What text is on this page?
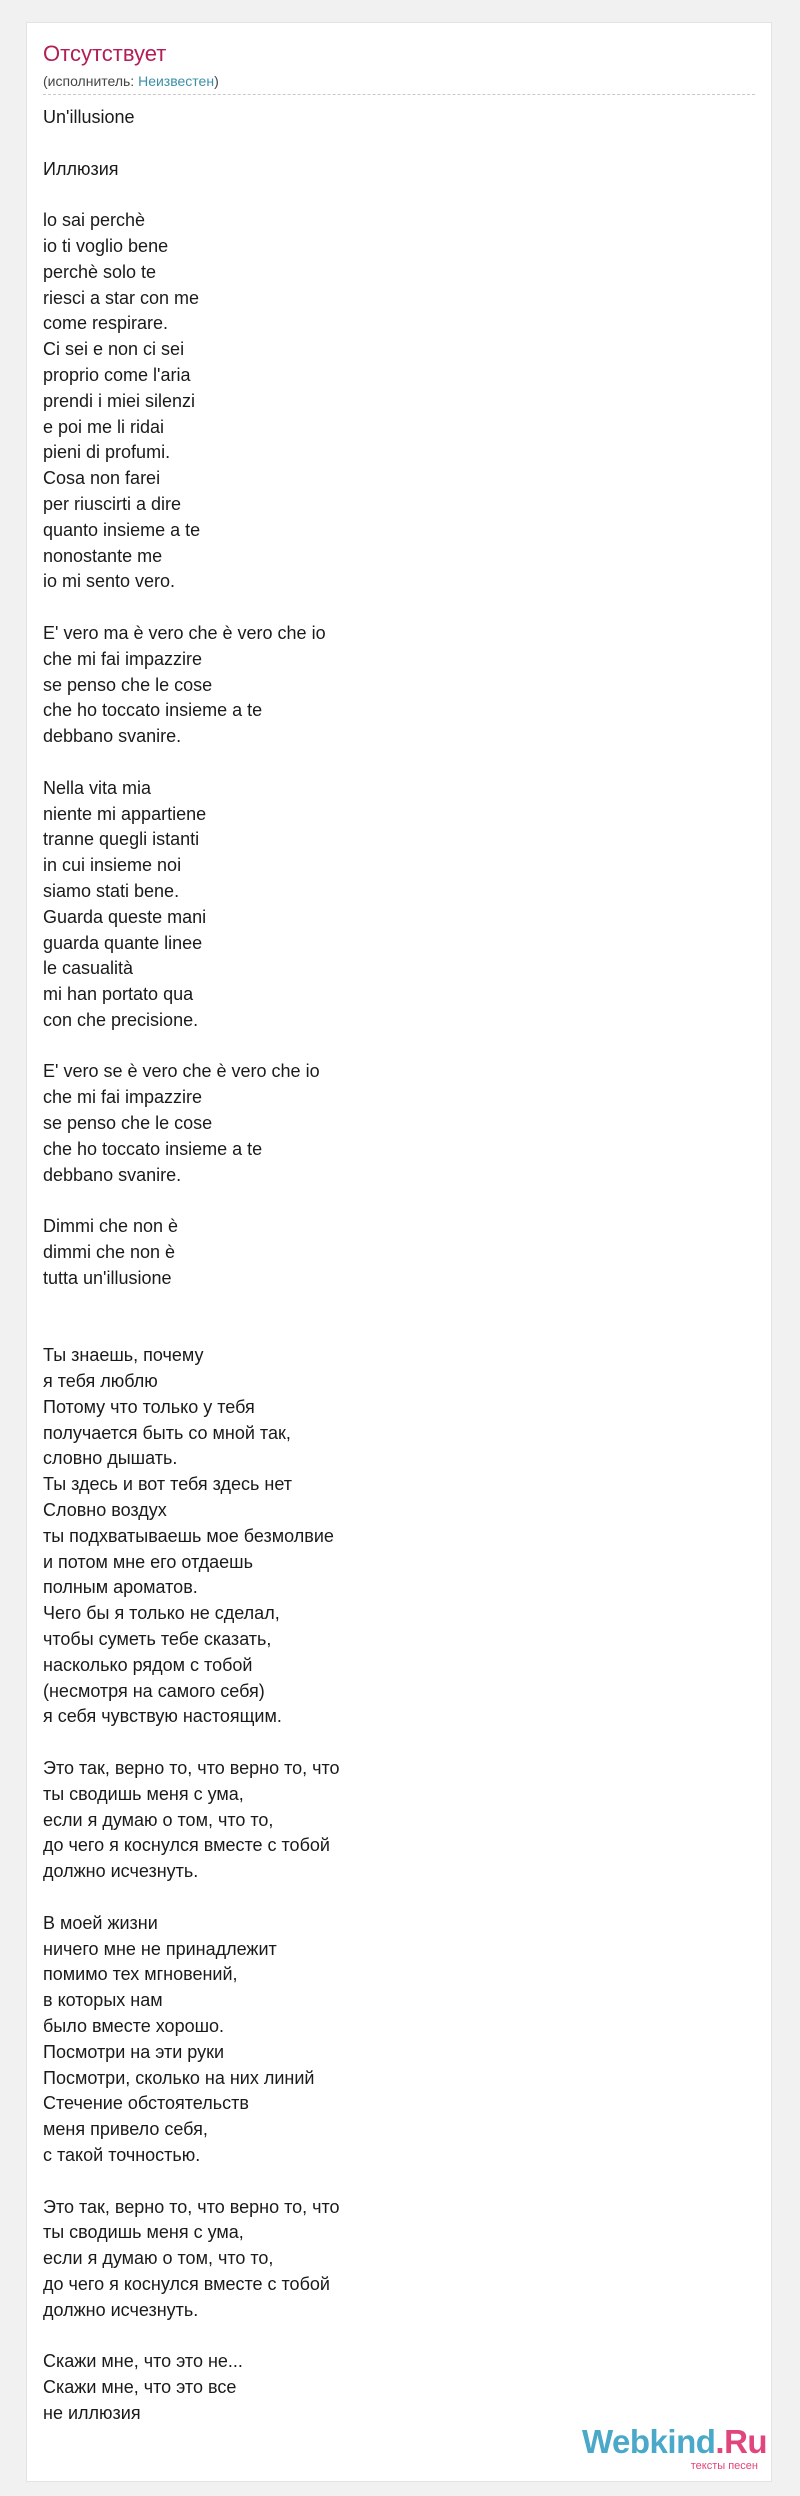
Отсутствует
(исполнитель: Неизвестен)
Un'illusione
Иллюзия
lo sai perchè
io ti voglio bene
perchè solo te
riesci a star con me
come respirare.
Ci sei e non ci sei
proprio come l'aria
prendi i miei silenzi
e poi me li ridai
pieni di profumi.
Cosa non farei
per riuscirti a dire
quanto insieme a te
nonostante me
io mi sento vero.
E' vero ma è vero che è vero che io
che mi fai impazzire
se penso che le cose
che ho toccato insieme a te
debbano svanire.
Nella vita mia
niente mi appartiene
tranne quegli istanti
in cui insieme noi
siamo stati bene.
Guarda queste mani
guarda quante linee
le casualità
mi han portato qua
con che precisione.
E' vero se è vero che è vero che io
che mi fai impazzire
se penso che le cose
che ho toccato insieme a te
debbano svanire.
Dimmi che non è
dimmi che non è
tutta un'illusione
Ты знаешь, почему
я тебя люблю
Потому что только у тебя
получается быть со мной так,
словно дышать.
Ты здесь и вот тебя здесь нет
Словно воздух
ты подхватываешь мое безмолвие
и потом мне его отдаешь
полным ароматов.
Чего бы я только не сделал,
чтобы суметь тебе сказать,
насколько рядом с тобой
(несмотря на самого себя)
я себя чувствую настоящим.
Это так, верно то, что верно то, что
ты сводишь меня с ума,
если я думаю о том, что то,
до чего я коснулся вместе с тобой
должно исчезнуть.
В моей жизни
ничего мне не принадлежит
помимо тех мгновений,
в которых нам
было вместе хорошо.
Посмотри на эти руки
Посмотри, сколько на них линий
Стечение обстоятельств
меня привело себя,
с такой точностью.
Это так, верно то, что верно то, что
ты сводишь меня с ума,
если я думаю о том, что то,
до чего я коснулся вместе с тобой
должно исчезнуть.
Скажи мне, что это не...
Скажи мне, что это все
не иллюзия
Webkind.Ru
тексты песен
